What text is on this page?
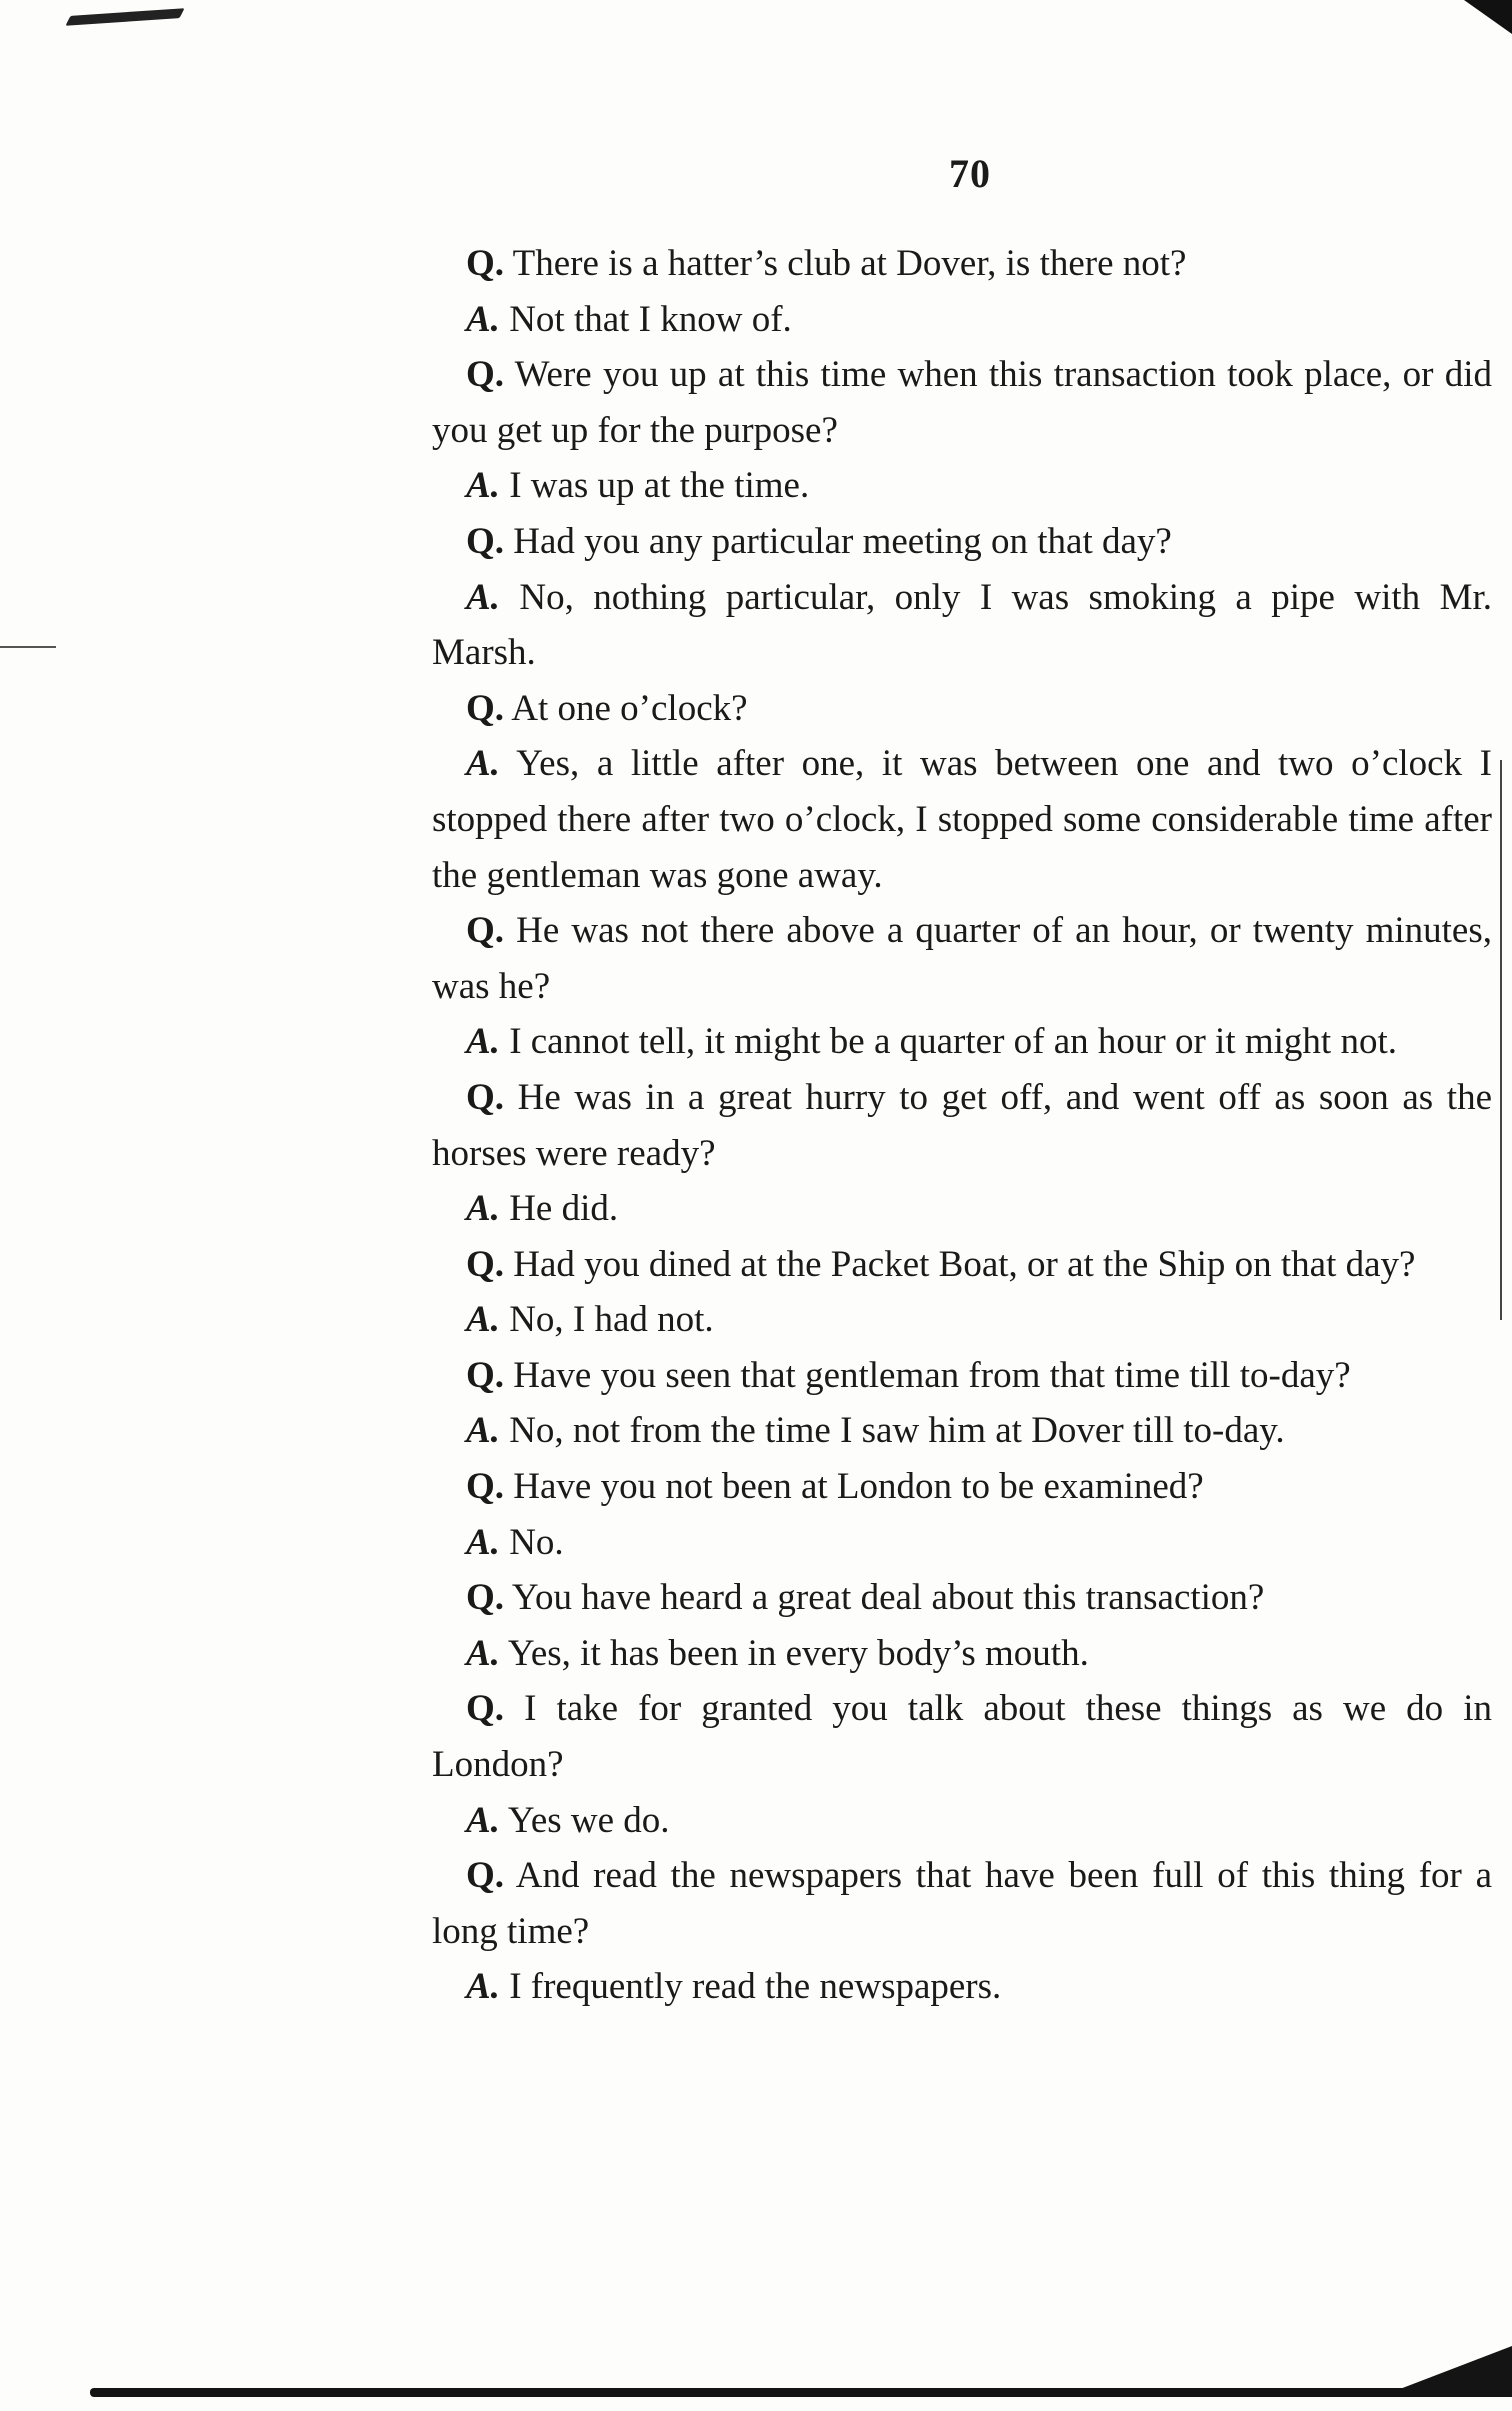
70

Q. There is a hatter’s club at Dover, is there not?

A. Not that I know of.

Q. Were you up at this time when this transaction took place, or did you get up for the purpose?

A. I was up at the time.

Q. Had you any particular meeting on that day?

A. No, nothing particular, only I was smoking a pipe with Mr. Marsh.

Q. At one o’clock?

A. Yes, a little after one, it was between one and two o’clock I stopped there after two o’clock, I stopped some considerable time after the gentleman was gone away.

Q. He was not there above a quarter of an hour, or twenty minutes, was he?

A. I cannot tell, it might be a quarter of an hour or it might not.

Q. He was in a great hurry to get off, and went off as soon as the horses were ready?

A. He did.

Q. Had you dined at the Packet Boat, or at the Ship on that day?

A. No, I had not.

Q. Have you seen that gentleman from that time till to-day?

A. No, not from the time I saw him at Dover till to-day.

Q. Have you not been at London to be examined?

A. No.

Q. You have heard a great deal about this transaction?

A. Yes, it has been in every body’s mouth.

Q. I take for granted you talk about these things as we do in London?

A. Yes we do.

Q. And read the newspapers that have been full of this thing for a long time?

A. I frequently read the newspapers.
